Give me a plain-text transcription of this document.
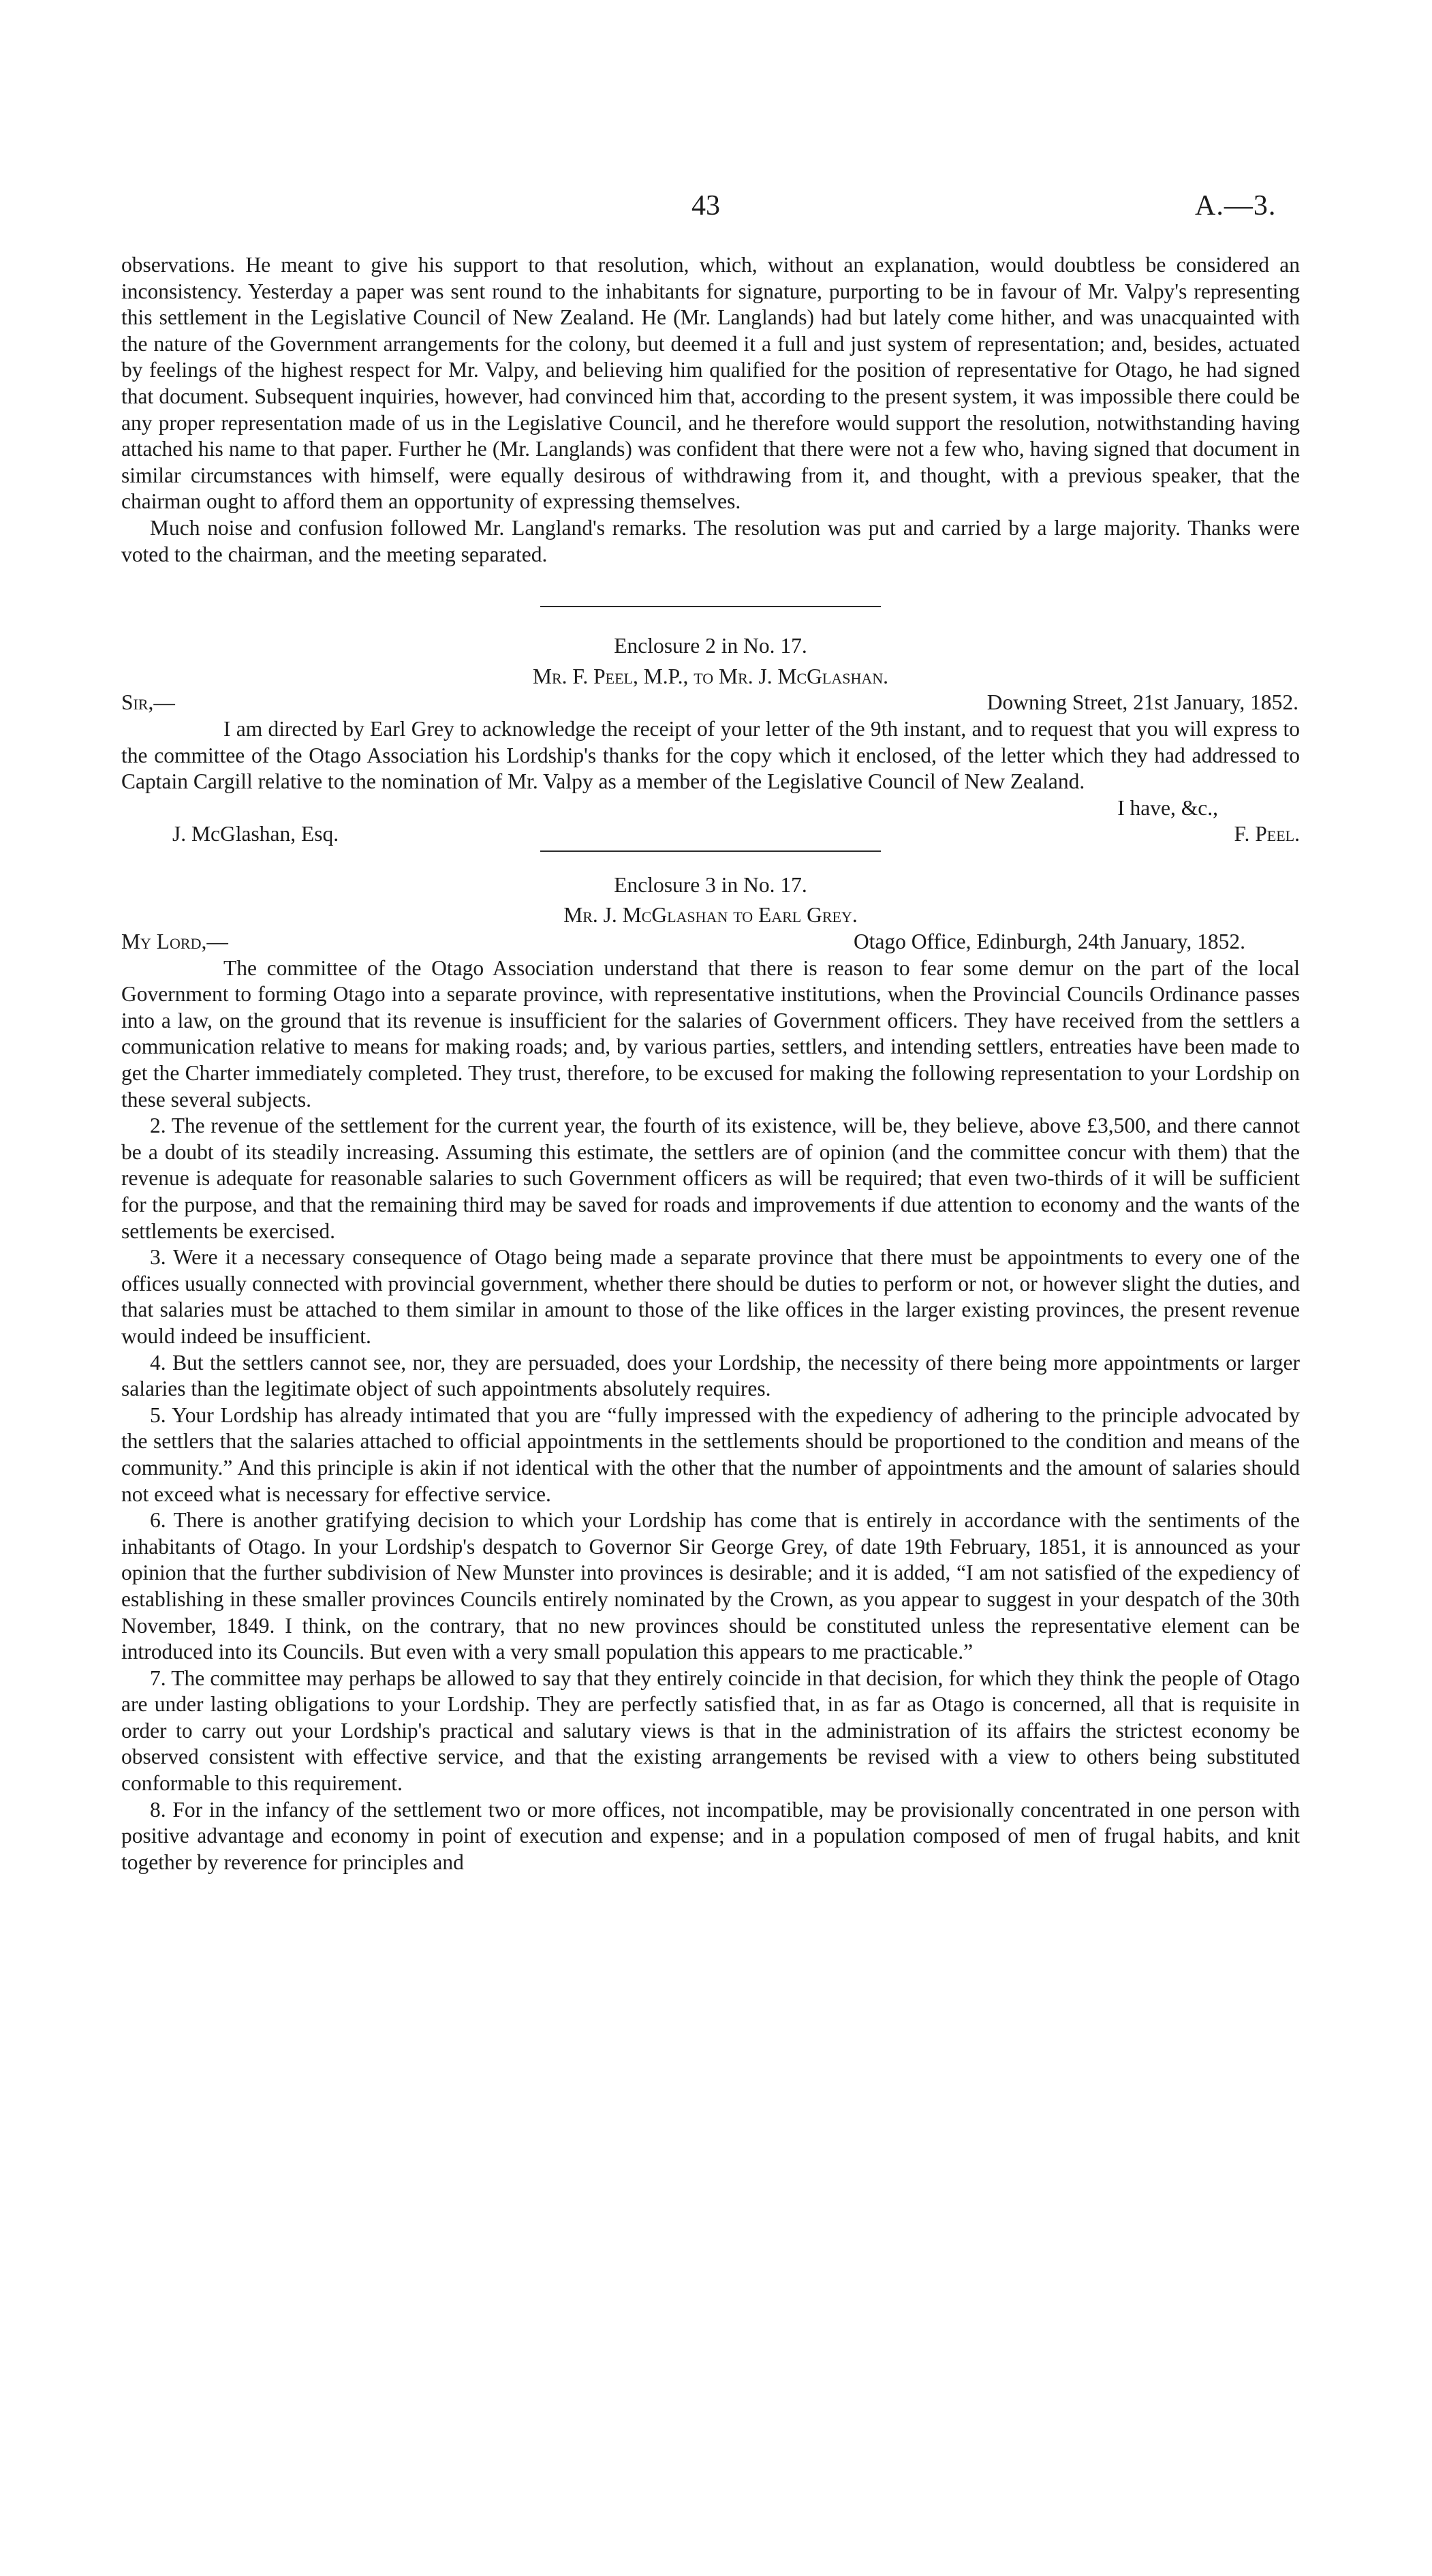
43	A.—3.

observations. He meant to give his support to that resolution, which, without an explanation, would doubtless be considered an inconsistency. Yesterday a paper was sent round to the inhabitants for signature, purporting to be in favour of Mr. Valpy's representing this settlement in the Legislative Council of New Zealand. He (Mr. Langlands) had but lately come hither, and was unacquainted with the nature of the Government arrangements for the colony, but deemed it a full and just system of representation; and, besides, actuated by feelings of the highest respect for Mr. Valpy, and believing him qualified for the position of representative for Otago, he had signed that document. Subsequent inquiries, however, had convinced him that, according to the present system, it was impossible there could be any proper representation made of us in the Legislative Council, and he therefore would support the resolution, notwithstanding having attached his name to that paper. Further he (Mr. Langlands) was confident that there were not a few who, having signed that document in similar circumstances with himself, were equally desirous of withdrawing from it, and thought, with a previous speaker, that the chairman ought to afford them an opportunity of expressing themselves.

Much noise and confusion followed Mr. Langland's remarks. The resolution was put and carried by a large majority. Thanks were voted to the chairman, and the meeting separated.

Enclosure 2 in No. 17.

Mr. F. Peel, M.P., to Mr. J. McGlashan.

Sir,—	Downing Street, 21st January, 1852.

I am directed by Earl Grey to acknowledge the receipt of your letter of the 9th instant, and to request that you will express to the committee of the Otago Association his Lordship's thanks for the copy which it enclosed, of the letter which they had addressed to Captain Cargill relative to the nomination of Mr. Valpy as a member of the Legislative Council of New Zealand.

I have, &c.,

J. McGlashan, Esq.	F. Peel.

Enclosure 3 in No. 17.

Mr. J. McGlashan to Earl Grey.

My Lord,—	Otago Office, Edinburgh, 24th January, 1852.

The committee of the Otago Association understand that there is reason to fear some demur on the part of the local Government to forming Otago into a separate province, with representative institutions, when the Provincial Councils Ordinance passes into a law, on the ground that its revenue is insufficient for the salaries of Government officers. They have received from the settlers a communication relative to means for making roads; and, by various parties, settlers, and intending settlers, entreaties have been made to get the Charter immediately completed. They trust, therefore, to be excused for making the following representation to your Lordship on these several subjects.

2. The revenue of the settlement for the current year, the fourth of its existence, will be, they believe, above £3,500, and there cannot be a doubt of its steadily increasing. Assuming this estimate, the settlers are of opinion (and the committee concur with them) that the revenue is adequate for reasonable salaries to such Government officers as will be required; that even two-thirds of it will be sufficient for the purpose, and that the remaining third may be saved for roads and improvements if due attention to economy and the wants of the settlements be exercised.

3. Were it a necessary consequence of Otago being made a separate province that there must be appointments to every one of the offices usually connected with provincial government, whether there should be duties to perform or not, or however slight the duties, and that salaries must be attached to them similar in amount to those of the like offices in the larger existing provinces, the present revenue would indeed be insufficient.

4. But the settlers cannot see, nor, they are persuaded, does your Lordship, the necessity of there being more appointments or larger salaries than the legitimate object of such appointments absolutely requires.

5. Your Lordship has already intimated that you are “fully impressed with the expediency of adhering to the principle advocated by the settlers that the salaries attached to official appointments in the settlements should be proportioned to the condition and means of the community.” And this principle is akin if not identical with the other that the number of appointments and the amount of salaries should not exceed what is necessary for effective service.

6. There is another gratifying decision to which your Lordship has come that is entirely in accordance with the sentiments of the inhabitants of Otago. In your Lordship's despatch to Governor Sir George Grey, of date 19th February, 1851, it is announced as your opinion that the further subdivision of New Munster into provinces is desirable; and it is added, “I am not satisfied of the expediency of establishing in these smaller provinces Councils entirely nominated by the Crown, as you appear to suggest in your despatch of the 30th November, 1849. I think, on the contrary, that no new provinces should be constituted unless the representative element can be introduced into its Councils. But even with a very small population this appears to me practicable.”

7. The committee may perhaps be allowed to say that they entirely coincide in that decision, for which they think the people of Otago are under lasting obligations to your Lordship. They are perfectly satisfied that, in as far as Otago is concerned, all that is requisite in order to carry out your Lordship's practical and salutary views is that in the administration of its affairs the strictest economy be observed consistent with effective service, and that the existing arrangements be revised with a view to others being substituted conformable to this requirement.

8. For in the infancy of the settlement two or more offices, not incompatible, may be provisionally concentrated in one person with positive advantage and economy in point of execution and expense; and in a population composed of men of frugal habits, and knit together by reverence for principles and
